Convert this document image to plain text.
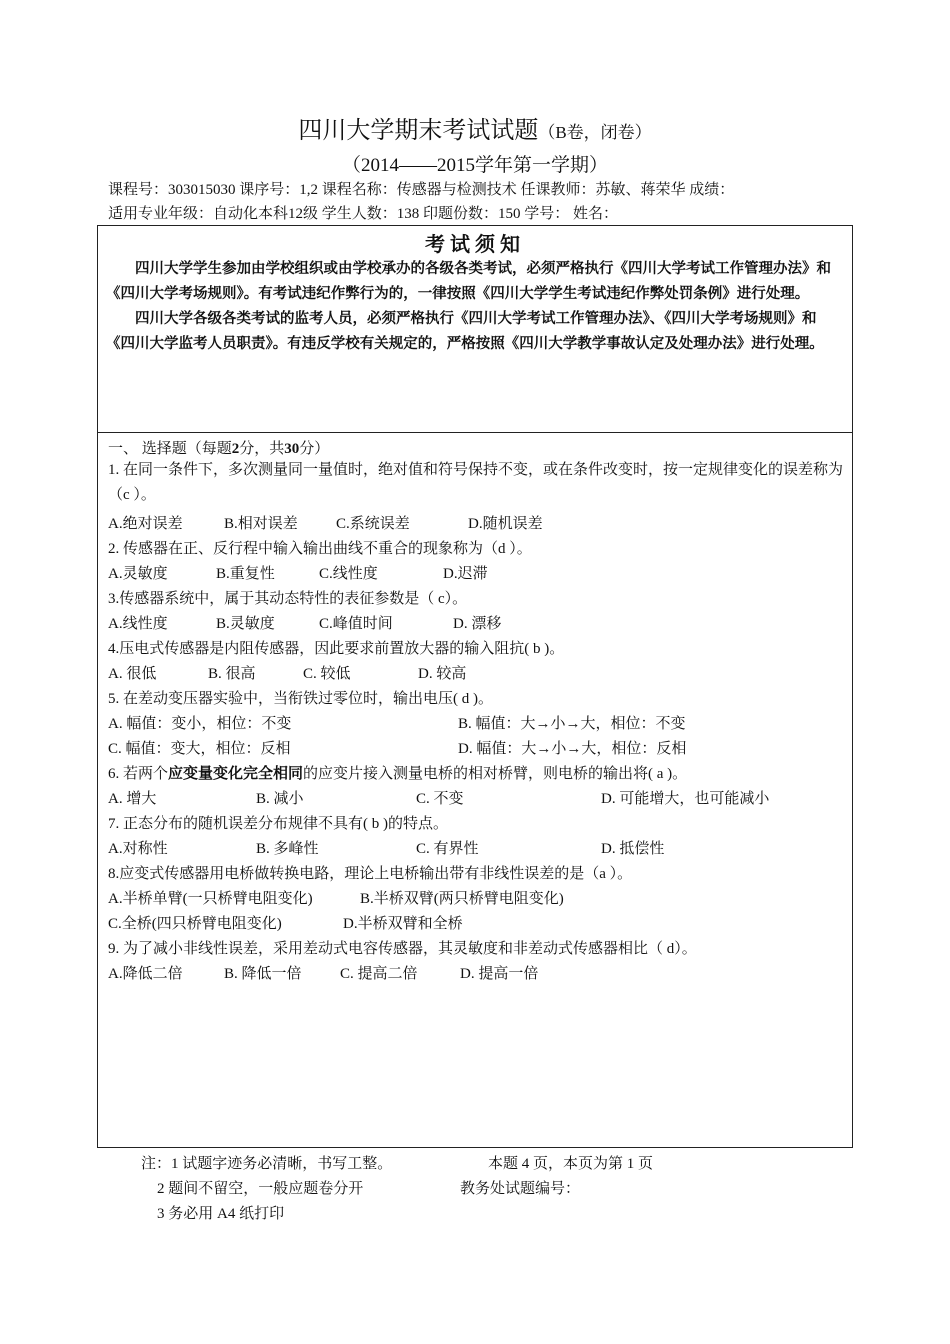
四川大学期末考试试题（B卷，闭卷）
（2014——2015学年第一学期）
课程号：303015030 课序号：1,2 课程名称：传感器与检测技术 任课教师：苏敏、蒋荣华 成绩：
适用专业年级：自动化本科12级 学生人数：138 印题份数：150 学号： 姓名：
考试须知

四川大学学生参加由学校组织或由学校承办的各级各类考试，必须严格执行《四川大学考试工作管理办法》和《四川大学考场规则》。有考试违纪作弊行为的，一律按照《四川大学学生考试违纪作弊处罚条例》进行处理。

四川大学各级各类考试的监考人员，必须严格执行《四川大学考试工作管理办法》、《四川大学考场规则》和《四川大学监考人员职责》。有违反学校有关规定的，严格按照《四川大学教学事故认定及处理办法》进行处理。

一、 选择题（每题2分，共30分）
1. 在同一条件下，多次测量同一量值时，绝对值和符号保持不变，或在条件改变时，按一定规律变化的误差称为（c ）。
A.绝对误差	B.相对误差	C.系统误差	D.随机误差
2. 传感器在正、反行程中输入输出曲线不重合的现象称为（d ）。
A.灵敏度	B.重复性	C.线性度	D.迟滞
3.传感器系统中，属于其动态特性的表征参数是（ c）。
A.线性度	B.灵敏度	C.峰值时间	D. 漂移
4.压电式传感器是内阻传感器，因此要求前置放大器的输入阻抗( b )。
A. 很低	B. 很高	C. 较低	D. 较高
5. 在差动变压器实验中，当衔铁过零位时，输出电压( d )。
A. 幅值：变小，相位：不变	B. 幅值：大→小→大，相位：不变
C. 幅值：变大，相位：反相	D. 幅值：大→小→大，相位：反相
6. 若两个应变量变化完全相同的应变片接入测量电桥的相对桥臂，则电桥的输出将( a )。
A. 增大	B. 减小	C. 不变	D. 可能增大，也可能减小
7. 正态分布的随机误差分布规律不具有( b )的特点。
A.对称性	B. 多峰性	C. 有界性	D. 抵偿性
8.应变式传感器用电桥做转换电路，理论上电桥输出带有非线性误差的是（a ）。
A.半桥单臂(一只桥臂电阻变化)	B.半桥双臂(两只桥臂电阻变化)
C.全桥(四只桥臂电阻变化)	D.半桥双臂和全桥
9. 为了减小非线性误差，采用差动式电容传感器，其灵敏度和非差动式传感器相比（ d）。
A.降低二倍	B. 降低一倍	C. 提高二倍	D. 提高一倍
注：1 试题字迹务必清晰，书写工整。	本题 4 页，本页为第 1 页
2 题间不留空，一般应题卷分开	教务处试题编号：
3 务必用 A4 纸打印
